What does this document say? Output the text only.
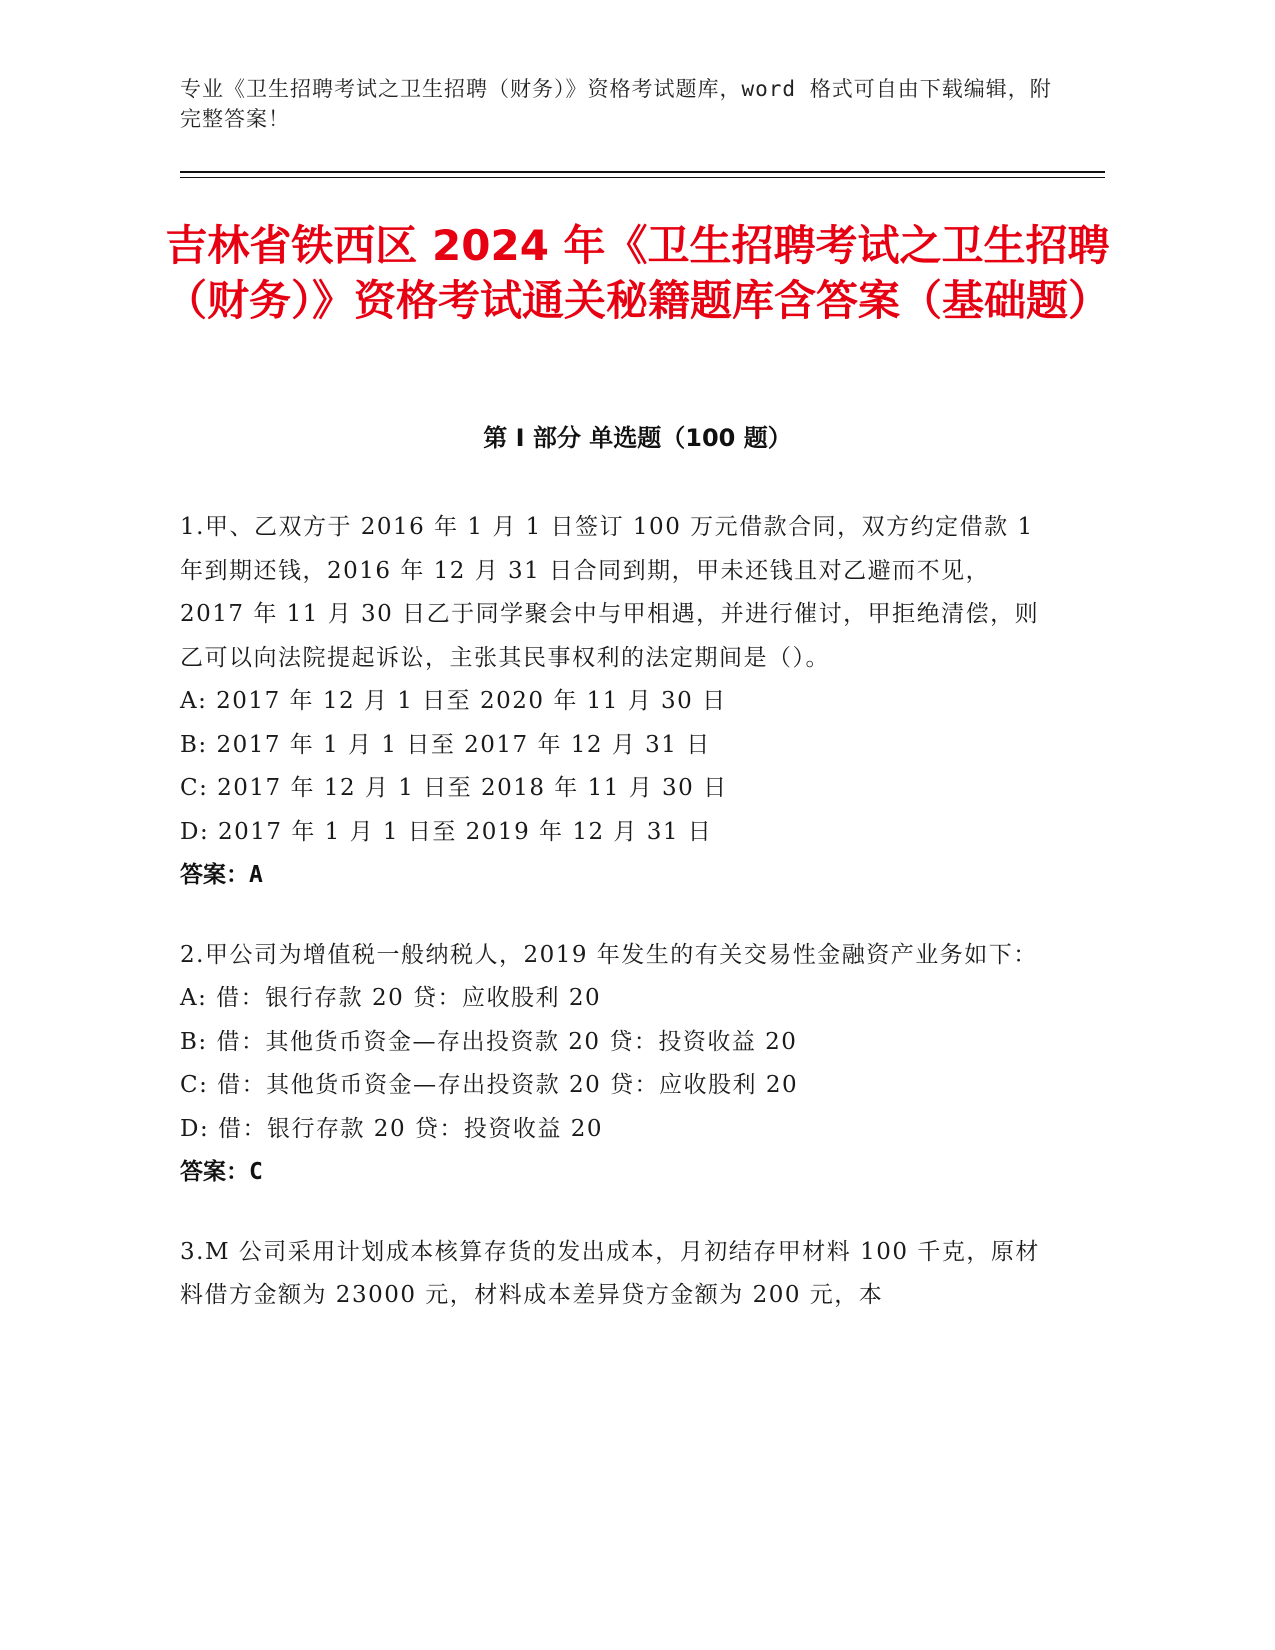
专业《卫生招聘考试之卫生招聘（财务）》资格考试题库，word 格式可自由下载编辑，附完整答案！
吉林省铁西区 2024 年《卫生招聘考试之卫生招聘（财务）》资格考试通关秘籍题库含答案（基础题）
第 I 部分 单选题（100 题）

1.甲、乙双方于 2016 年 1 月 1 日签订 100 万元借款合同，双方约定借款 1 年到期还钱，2016 年 12 月 31 日合同到期，甲未还钱且对乙避而不见，2017 年 11 月 30 日乙于同学聚会中与甲相遇，并进行催讨，甲拒绝清偿，则乙可以向法院提起诉讼，主张其民事权利的法定期间是（）。

A: 2017 年 12 月 1 日至 2020 年 11 月 30 日

B: 2017 年 1 月 1 日至 2017 年 12 月 31 日

C: 2017 年 12 月 1 日至 2018 年 11 月 30 日

D: 2017 年 1 月 1 日至 2019 年 12 月 31 日

答案：A

2.甲公司为增值税一般纳税人，2019 年发生的有关交易性金融资产业务如下：

A: 借：银行存款 20 贷：应收股利 20

B: 借：其他货币资金—存出投资款 20 贷：投资收益 20

C: 借：其他货币资金—存出投资款 20 贷：应收股利 20

D: 借：银行存款 20 贷：投资收益 20

答案：C

3.M 公司采用计划成本核算存货的发出成本，月初结存甲材料 100 千克，原材料借方金额为 23000 元，材料成本差异贷方金额为 200 元，本
